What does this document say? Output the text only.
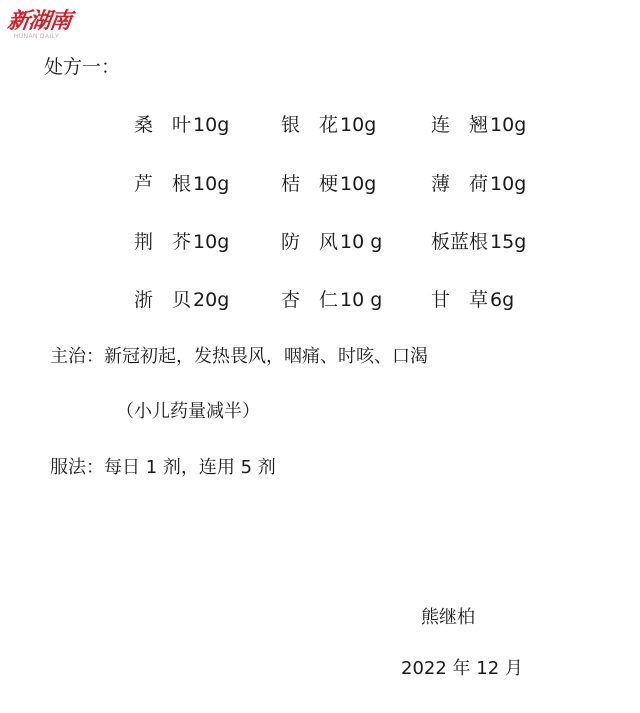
新湖南
HUNAN DAILY
处方一：
桑　叶 10g	银　花 10g	连　翘 10g
芦　根 10g	桔　梗 10g	薄　荷 10g
荆　芥 10g	防　风 10 g	板蓝根 15g
浙　贝 20g	杏　仁 10 g	甘　草 6g
主治：新冠初起，发热畏风，咽痛、时咳、口渴
（小儿药量减半）
服法：每日 1 剂，连用 5 剂
熊继柏
2022 年 12 月
